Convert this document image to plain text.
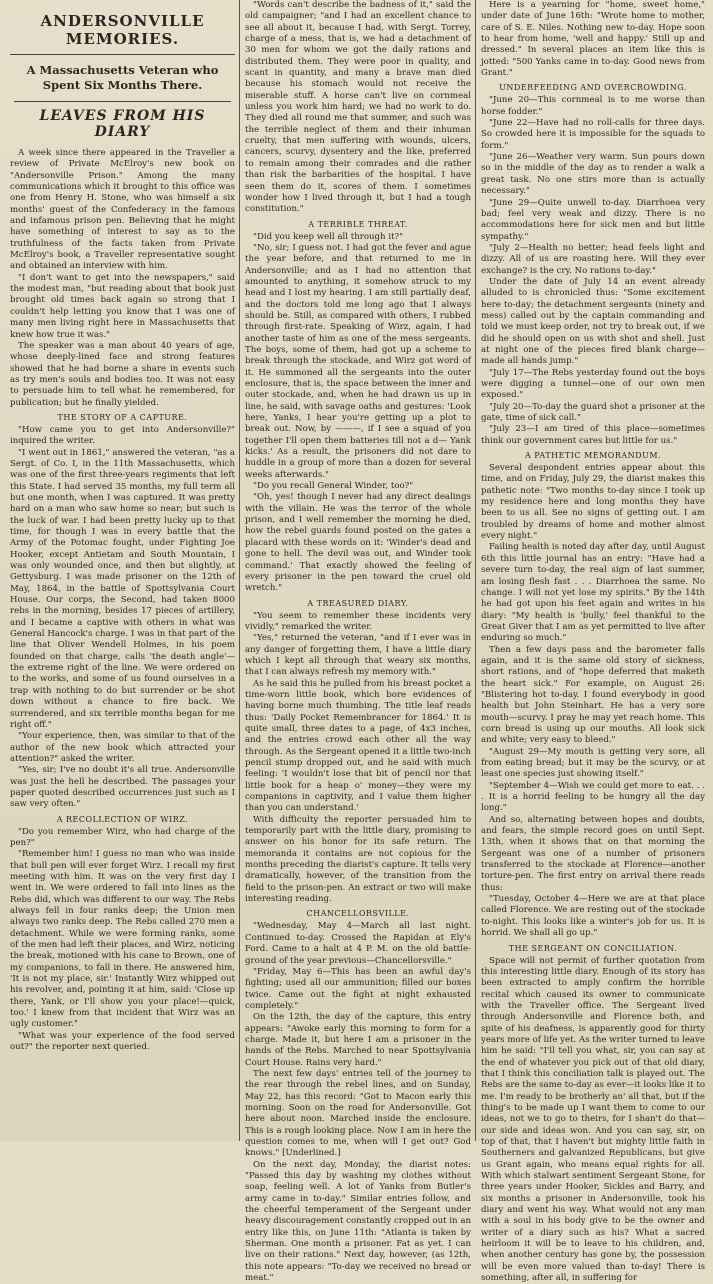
ANDERSONVILLE MEMORIES.
A Massachusetts Veteran who Spent Six Months There.
LEAVES FROM HIS DIARY

A week since there appeared in the Traveller a review of Private McElroy's new book on "Andersonville Prison." Among the many communications which it brought to this office was one from Henry H. Stone, who was himself a six months' guest of the Confederacy in the famous and infamous prison pen. Believing that he might have something of interest to say as to the truthfulness of the facts taken from Private McElroy's book, a Traveller representative sought and obtained an interview with him.

"I don't want to get into the newspapers," said the modest man, "but reading about that book just brought old times back again so strong that I couldn't help letting you know that I was one of many men living right here in Massachusetts that knew how true it was."

The speaker was a man about 40 years of age, whose deeply-lined face and strong features showed that he had borne a share in events such as try men's souls and bodies too. It was not easy to persuade him to tell what he remembered, for publication; but he finally yielded.

THE STORY OF A CAPTURE.

"How came you to get into Andersonville?" inquired the writer.

"I went out in 1861," answered the veteran, "as a Sergt. of Co. I, in the 11th Massachusetts, which was one of the first three-years regiments that left this State. I had served 35 months, my full term all but one month, when I was captured. It was pretty hard on a man who saw home so near; but such is the luck of war. I had been pretty lucky up to that time, for though I was in every battle that the Army of the Potomac fought, under Fighting Joe Hooker, except Antietam and South Mountain, I was only wounded once, and then but slightly, at Gettysburg. I was made prisoner on the 12th of May, 1864, in the battle of Spottsylvania Court House. Our corps, the Second, had taken 8000 rebs in the morning, besides 17 pieces of artillery, and I became a captive with others in what was General Hancock's charge. I was in that part of the line that Oliver Wendell Holmes, in his poem founded on that charge, calls 'the death angle'—the extreme right of the line. We were ordered on to the works, and some of us found ourselves in a trap with nothing to do but surrender or be shot down without a chance to fire back. We surrendered, and six terrible months began for me right off."

"Your experience, then, was similar to that of the author of the new book which attracted your attention?" asked the writer.

"Yes, sir; I've no doubt it's all true. Andersonville was just the hell he described. The passages your paper quoted described occurrences just such as I saw very often."

A RECOLLECTION OF WIRZ.

"Do you remember Wirz, who had charge of the pen?"

"Remember him! I guess no man who was inside that bull pen will ever forget Wirz. I recall my first meeting with him. It was on the very first day I went in. We were ordered to fall into lines as the Rebs did, which was different to our way. The Rebs always fell in four ranks deep; the Union men always two ranks deep. The Rebs called 270 men a detachment. While we were forming ranks, some of the men had left their places, and Wirz, noticing the break, motioned with his cane to Brown, one of my companions, to fall in there. He answered him, 'It is not my place, sir.' Instantly Wirz whipped out his revolver, and, pointing it at him, said: 'Close up there, Yank, or I'll show you your place!—quick, too.' I knew from that incident that Wirz was an ugly customer."

"What was your experience of the food served out?" the reporter next queried.

"Words can't describe the badness of it," said the old campaigner; "and I had an excellent chance to see all about it, because I had, with Sergt. Torrey, charge of a mess, that is, we had a detachment of 30 men for whom we got the daily rations and distributed them. They were poor in quality, and scant in quantity, and many a brave man died because his stomach would not receive the miserable stuff. A horse can't live on cornmeal unless you work him hard; we had no work to do. They died all round me that summer, and such was the terrible neglect of them and their inhuman cruelty, that men suffering with wounds, ulcers, cancers, scurvy, dysentery and the like, preferred to remain among their comrades and die rather than risk the barbarities of the hospital. I have seen them do it, scores of them. I sometimes wonder how I lived through it, but I had a tough constitution."

A TERRIBLE THREAT.

"Did you keep well all through it?"

"No, sir; I guess not. I had got the fever and ague the year before, and that returned to me in Andersonville; and as I had no attention that amounted to anything, it somehow struck to my head and I lost my hearing. I am still partially deaf, and the doctors told me long ago that I always should be. Still, as compared with others, I rubbed through first-rate. Speaking of Wirz, again, I had another taste of him as one of the mess sergeants. The boys, some of them, had got up a scheme to break through the stockade, and Wirz got word of it. He summoned all the sergeants into the outer enclosure, that is, the space between the inner and outer stockade, and, when he had drawn us up in line, he said, with savage oaths and gestures: 'Look here, Yanks, I hear you're getting up a plot to break out. Now, by ———, if I see a squad of you together I'll open them batteries till not a d— Yank kicks.' As a result, the prisoners did not dare to huddle in a group of more than a dozen for several weeks afterwards."

"Do you recall General Winder, too?"

"Oh, yes! though I never had any direct dealings with the villain. He was the terror of the whole prison, and I well remember the morning he died, how the rebel guards found posted on the gates a placard with these words on it: 'Winder's dead and gone to hell. The devil was out, and Winder took command.' That exactly showed the feeling of every prisoner in the pen toward the cruel old wretch."

A TREASURED DIARY.

"You seem to remember these incidents very vividly," remarked the writer.

"Yes," returned the veteran, "and if I ever was in any danger of forgetting them, I have a little diary which I kept all through that weary six months, that I can always refresh my memory with."

As he said this he pulled from his breast pocket a time-worn little book, which bore evidences of having borne much thumbing. The title leaf reads thus: 'Daily Pocket Remembrancer for 1864.' It is quite small, three dates to a page, of 4x3 inches, and the entries crowd each other all the way through. As the Sergeant opened it a little two-inch pencil stump dropped out, and he said with much feeling: 'I wouldn't lose that bit of pencil nor that little book for a heap o' money—they were my companions in captivity, and I value them higher than you can understand.'

With difficulty the reporter persuaded him to temporarily part with the little diary, promising to answer on his honor for its safe return. The memoranda it contains are not copious for the months preceding the diarist's capture. It tells very dramatically, however, of the transition from the field to the prison-pen. An extract or two will make interesting reading.

CHANCELLORSVILLE.

"Wednesday, May 4—March all last night. Continued to-day. Crossed the Rapidan at Ely's Ford. Came to a halt at 4 P. M. on the old battle-ground of the year previous—Chancellorsville."

"Friday, May 6—This has been an awful day's fighting; used all our ammunition; filled our boxes twice. Came out the fight at night exhausted completely."

On the 12th, the day of the capture, this entry appears: "Awoke early this morning to form for a charge. Made it, but here I am a prisoner in the hands of the Rebs. Marched to near Spottsylvania Court House. Rains very hard."

The next few days' entries tell of the journey to the rear through the rebel lines, and on Sunday, May 22, has this record: "Got to Macon early this morning. Soon on the road for Andersonville. Got here about noon. Marched inside the enclosure. This is a rough looking place. Now I am in here the question comes to me, when will I get out? God knows." [Underlined.]

On the next day, Monday, the diarist notes: "Passed this day by washing my clothes without soap, feeling well. A lot of Yanks from Butler's army came in to-day." Similar entries follow, and the cheerful temperament of the Sergeant under heavy discouragement constantly cropped out in an entry like this, on June 11th: "Atlanta is taken by Sherman. One month a prisoner. Fat as yet. I can live on their rations." Next day, however, (as 12th, this note appears: "To-day we received no bread or meat."

Here is a yearning for "home, sweet home," under date of June 16th: "Wrote home to mother, care of S. E. Niles. Nothing new to-day. Hope soon to hear from home, 'well and happy.' Still up and dressed." In several places an item like this is jotted: "500 Yanks came in to-day. Good news from Grant."

UNDERFEEDING AND OVERCROWDING.

"June 20—This cornmeal is to me worse than horse fodder."

"June 22—Have had no roll-calls for three days. So crowded here it is impossible for the squads to form."

"June 26—Weather very warm. Sun pours down so in the middle of the day as to render a walk a great task. No one stirs more than is actually necessary."

"June 29—Quite unwell to-day. Diarrhoea very bad; feel very weak and dizzy. There is no accommodations here for sick men and but little sympathy."

"July 2—Health no better; head feels light and dizzy. All of us are roasting here. Will they ever exchange? is the cry. No rations to-day."

Under the date of July 14 an event already alluded to is chronicled thus: "Some excitement here to-day; the detachment sergeants (ninety and mess) called out by the captain commanding and told we must keep order, not try to break out, if we did he should open on us with shot and shell. Just at night one of the pieces fired blank charge—made all hands jump."

"July 17—The Rebs yesterday found out the boys were digging a tunnel—one of our own men exposed."

"July 20—To-day the guard shot a prisoner at the gate, time of sick call."

"July 23—I am tired of this place—sometimes think our government cares but little for us."

A PATHETIC MEMORANDUM.

Several despondent entries appear about this time, and on Friday, July 29, the diarist makes this pathetic note: "Two months to-day since I took up my residence here and long months they have been to us all. See no signs of getting out. I am troubled by dreams of home and mother almost every night."

Failing health is noted day after day, until August 6th this little journal has an entry: "Have had a severe turn to-day, the real sign of last summer, am losing flesh fast . . . Diarrhoea the same. No change. I will not yet lose my spirits." By the 14th he had got upon his feet again and writes in his diary: "My health is 'bully,' feel thankful to the Great Giver that I am as yet permitted to live after enduring so much."

Then a few days pass and the barometer falls again, and it is the same old story of sickness, short rations, and of "hope deferred that maketh the heart sick." For example, on August 26: "Blistering hot to-day. I found everybody in good health but John Steinhart. He has a very sore mouth—scurvy. I pray he may yet reach home. This corn bread is using up our mouths. All look sick and white; very easy to bleed."

"August 29—My mouth is getting very sore, all from eating bread; but it may be the scurvy, or at least one species just showing itself."

"September 4—Wish we could get more to eat. . . . It is a horrid feeling to be hungry all the day long."

And so, alternating between hopes and doubts, and fears, the simple record goes on until Sept. 13th, when it shows that on that morning the Sergeant was one of a number of prisoners transferred to the stockade at Florence—another torture-pen. The first entry on arrival there reads thus:

"Tuesday, October 4—Here we are at that place called Florence. We are resting out of the stockade to-night. This looks like a winter's job for us. It is horrid. We shall all go up."

THE SERGEANT ON CONCILIATION.

Space will not permit of further quotation from this interesting little diary. Enough of its story has been extracted to amply confirm the horrible recital which caused its owner to communicate with the Traveller office. The Sergeant lived through Andersonville and Florence both, and spite of his deafness, is apparently good for thirty years more of life yet. As the writer turned to leave him he said: "I'll tell you what, sir, you can say at the end of whatever you pick out of that old diary, that I think this conciliation talk is played out. The Rebs are the same to-day as ever—it looks like it to me. I'm ready to be brotherly an' all that, but if the thing's to be made up I want them to come to our ideas, not we to go to theirs, for I shan't do that—our side and ideas won. And you can say, sir, on top of that, that I haven't but mighty little faith in Southerners and galvanized Republicans, but give us Grant again, who means equal rights for all. With which stalwart sentiment Sergeant Stone, for three years under Hooker, Sickles and Barry, and six months a prisoner in Andersonville, took his diary and went his way. What would not any man with a soul in his body give to be the owner and writer of a diary such as his? What a sacred heirloom it will be to leave to his children, and, when another century has gone by, the possession will be even more valued than to-day! There is something, after all, in suffering for
